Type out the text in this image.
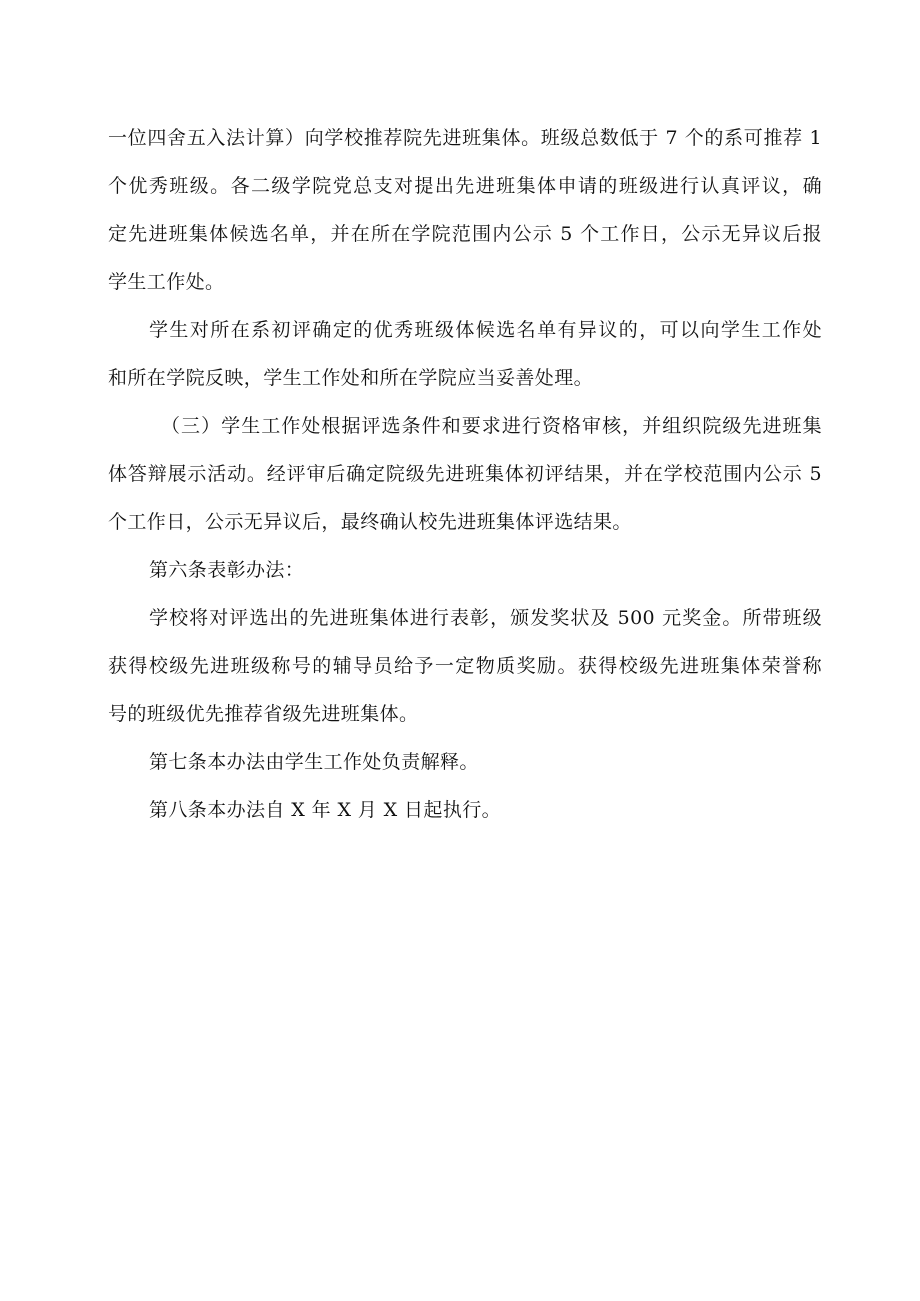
一位四舍五入法计算）向学校推荐院先进班集体。班级总数低于 7 个的系可推荐 1
个优秀班级。各二级学院党总支对提出先进班集体申请的班级进行认真评议，确
定先进班集体候选名单，并在所在学院范围内公示 5 个工作日，公示无异议后报
学生工作处。
学生对所在系初评确定的优秀班级体候选名单有异议的，可以向学生工作处
和所在学院反映，学生工作处和所在学院应当妥善处理。
（三）学生工作处根据评选条件和要求进行资格审核，并组织院级先进班集
体答辩展示活动。经评审后确定院级先进班集体初评结果，并在学校范围内公示 5
个工作日，公示无异议后，最终确认校先进班集体评选结果。
第六条表彰办法：
学校将对评选出的先进班集体进行表彰，颁发奖状及 500 元奖金。所带班级
获得校级先进班级称号的辅导员给予一定物质奖励。获得校级先进班集体荣誉称
号的班级优先推荐省级先进班集体。
第七条本办法由学生工作处负责解释。
第八条本办法自 X 年 X 月 X 日起执行。
